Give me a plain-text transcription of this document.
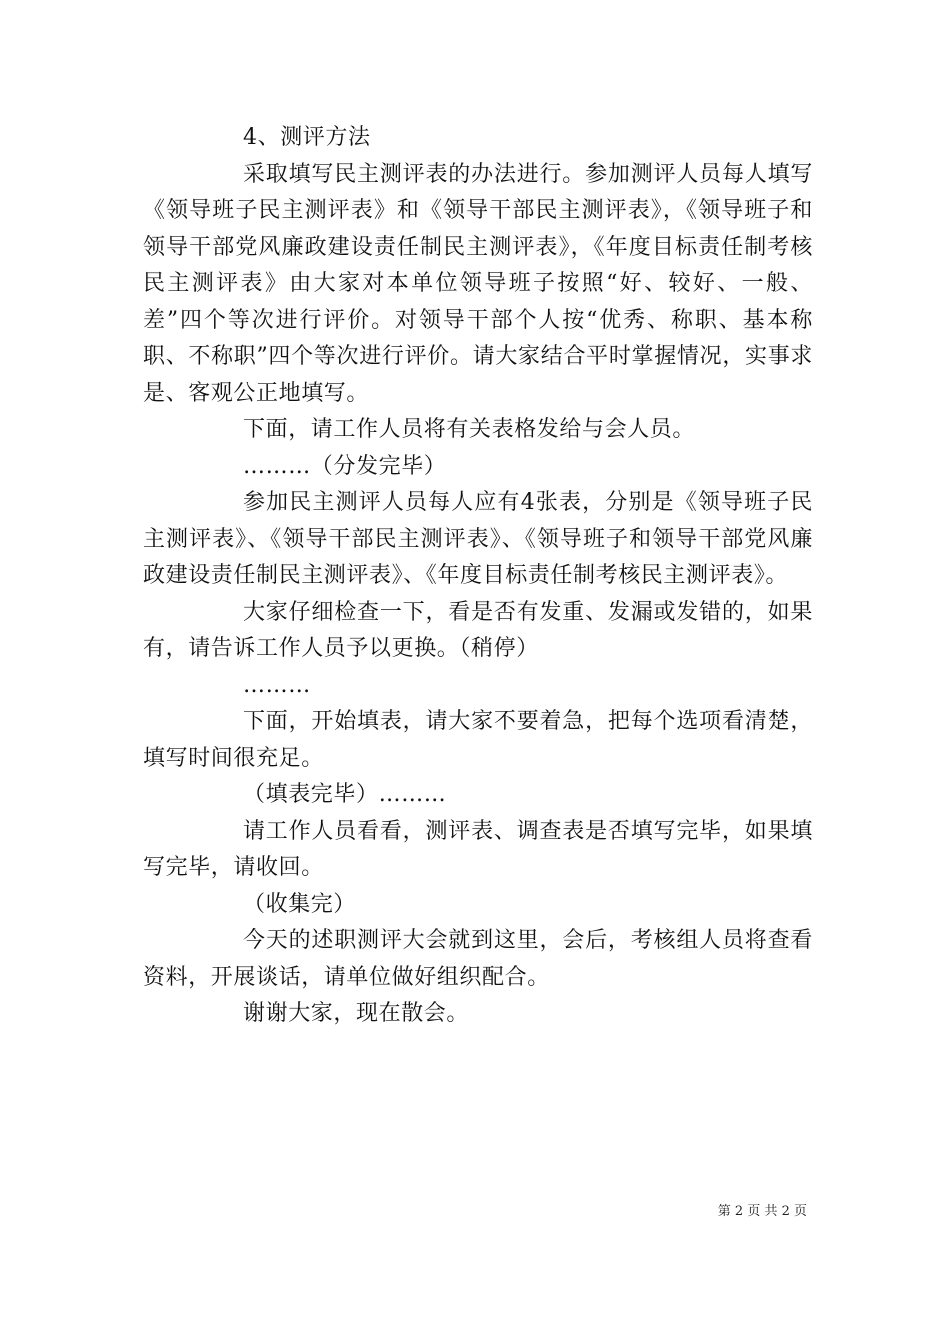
4、测评方法

采取填写民主测评表的办法进行。参加测评人员每人填写《领导班子民主测评表》和《领导干部民主测评表》，《领导班子和领导干部党风廉政建设责任制民主测评表》，《年度目标责任制考核民主测评表》由大家对本单位领导班子按照“好、较好、一般、差”四个等次进行评价。对领导干部个人按“优秀、称职、基本称职、不称职”四个等次进行评价。请大家结合平时掌握情况，实事求是、客观公正地填写。

下面，请工作人员将有关表格发给与会人员。

………（分发完毕）

参加民主测评人员每人应有4张表，分别是《领导班子民主测评表》、《领导干部民主测评表》、《领导班子和领导干部党风廉政建设责任制民主测评表》、《年度目标责任制考核民主测评表》。

大家仔细检查一下，看是否有发重、发漏或发错的，如果有，请告诉工作人员予以更换。（稍停）

………

下面，开始填表，请大家不要着急，把每个选项看清楚，填写时间很充足。

（填表完毕）………

请工作人员看看，测评表、调查表是否填写完毕，如果填写完毕，请收回。

（收集完）

今天的述职测评大会就到这里，会后，考核组人员将查看资料，开展谈话，请单位做好组织配合。

谢谢大家，现在散会。

第 2 页 共 2 页
